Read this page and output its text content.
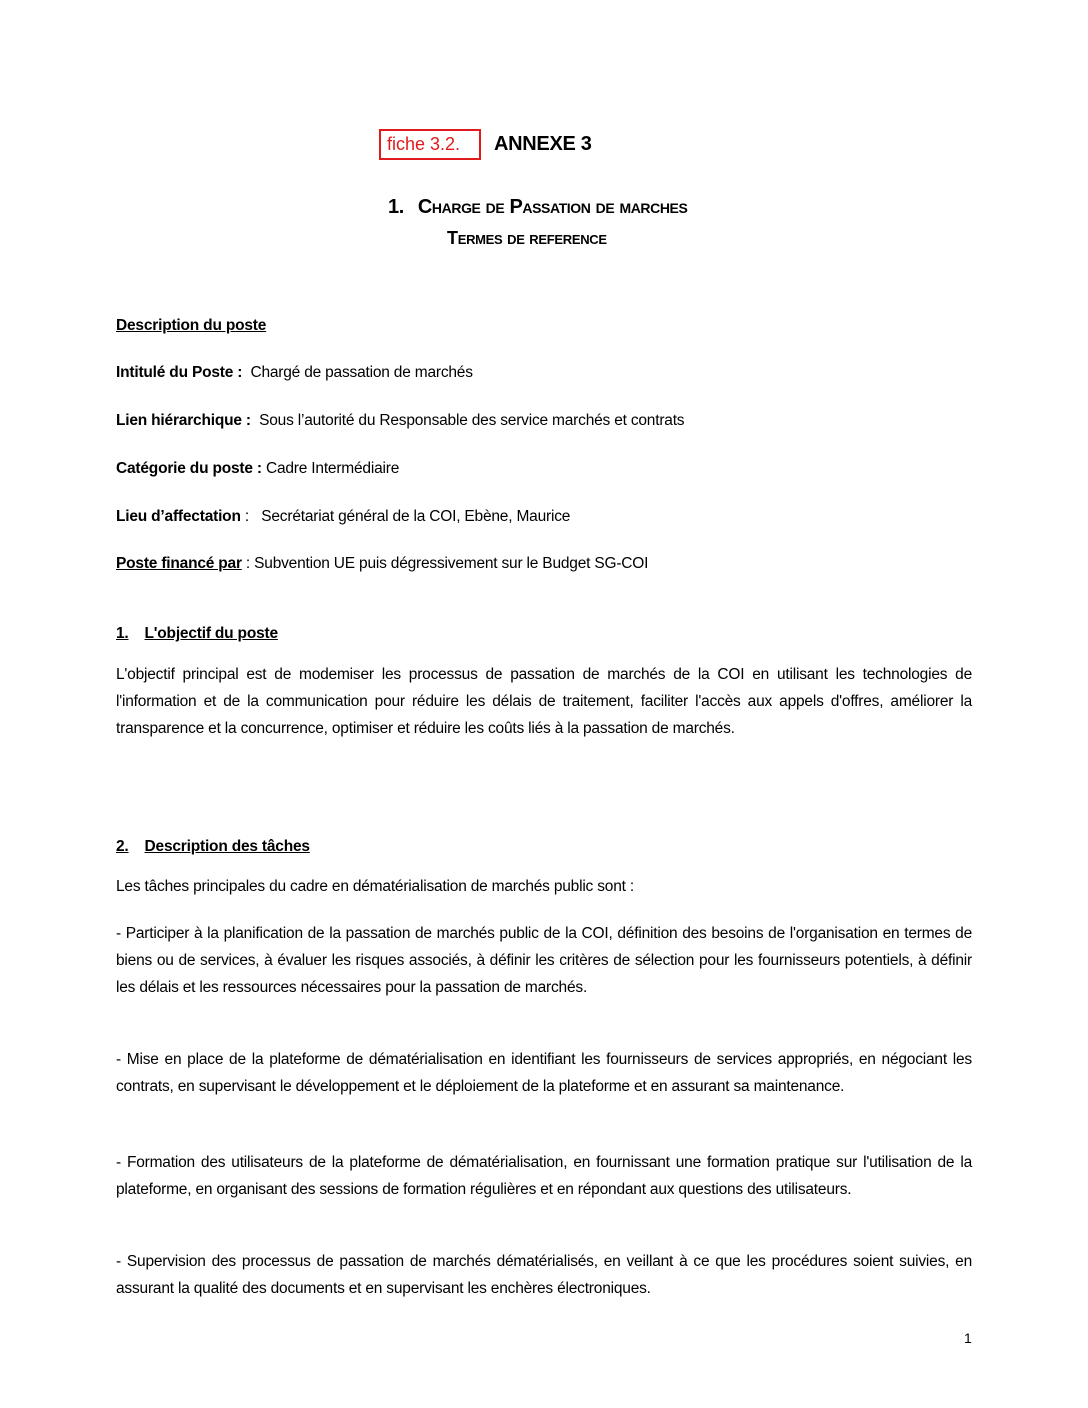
fiche 3.2.	ANNEXE 3
1. Charge de Passation de marches
Termes de reference
Description du poste
Intitulé du Poste :  Chargé de passation de marchés
Lien hiérarchique :  Sous l’autorité du Responsable des service marchés et contrats
Catégorie du poste : Cadre Intermédiaire
Lieu d’affectation :   Secrétariat général de la COI, Ebène, Maurice
Poste financé par : Subvention UE puis dégressivement sur le Budget SG-COI
1. L'objectif du poste
L'objectif principal est de modemiser les processus de passation de marchés de la COI en utilisant les technologies de l'information et de la communication pour réduire les délais de traitement, faciliter l'accès aux appels d'offres, améliorer la transparence et la concurrence, optimiser et réduire les coûts liés à la passation de marchés.
2. Description des tâches
Les tâches principales du cadre en dématérialisation de marchés public sont :
- Participer à la planification de la passation de marchés public de la COI, définition des besoins de l'organisation en termes de biens ou de services, à évaluer les risques associés, à définir les critères de sélection pour les fournisseurs potentiels, à définir les délais et les ressources nécessaires pour la passation de marchés.
- Mise en place de la plateforme de dématérialisation en identifiant les fournisseurs de services appropriés, en négociant les contrats, en supervisant le développement et le déploiement de la plateforme et en assurant sa maintenance.
- Formation des utilisateurs de la plateforme de dématérialisation, en fournissant une formation pratique sur l'utilisation de la plateforme, en organisant des sessions de formation régulières et en répondant aux questions des utilisateurs.
- Supervision des processus de passation de marchés dématérialisés, en veillant à ce que les procédures soient suivies, en assurant la qualité des documents et en supervisant les enchères électroniques.
1
